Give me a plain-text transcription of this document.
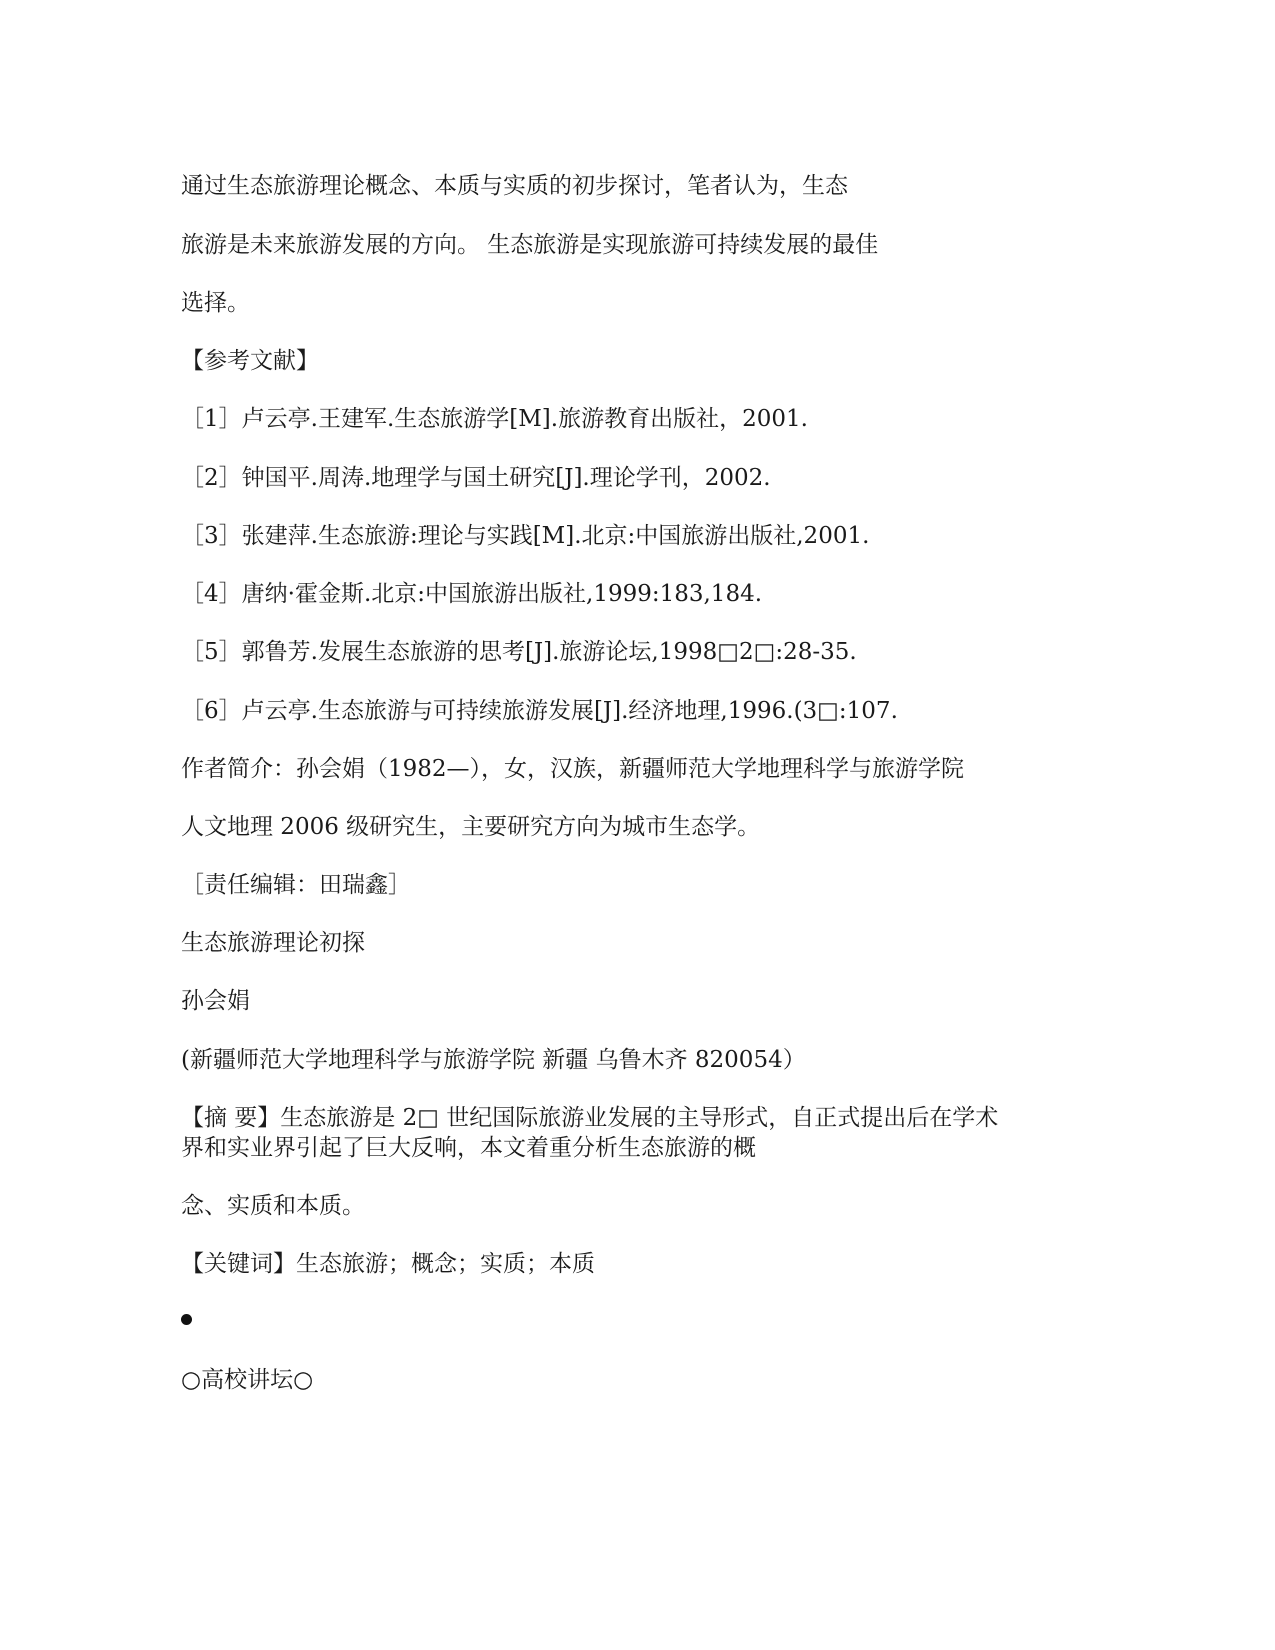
通过生态旅游理论概念、本质与实质的初步探讨，笔者认为，生态
旅游是未来旅游发展的方向。 生态旅游是实现旅游可持续发展的最佳
选择。
【参考文献】
［1］卢云亭.王建军.生态旅游学[M].旅游教育出版社，2001.
［2］钟国平.周涛.地理学与国土研究[J].理论学刊，2002.
［3］张建萍.生态旅游:理论与实践[M].北京:中国旅游出版社,2001.
［4］唐纳·霍金斯.北京:中国旅游出版社,1999:183,184.
［5］郭鲁芳.发展生态旅游的思考[J].旅游论坛,1998□2□:28-35.
［6］卢云亭.生态旅游与可持续旅游发展[J].经济地理,1996.(3□:107.
作者简介：孙会娟（1982—），女，汉族，新疆师范大学地理科学与旅游学院
人文地理 2006 级研究生，主要研究方向为城市生态学。
［责任编辑：田瑞鑫］
生态旅游理论初探
孙会娟
(新疆师范大学地理科学与旅游学院 新疆 乌鲁木齐 820054）
【摘 要】生态旅游是 2□ 世纪国际旅游业发展的主导形式，自正式提出后在学术
界和实业界引起了巨大反响，本文着重分析生态旅游的概
念、实质和本质。
【关键词】生态旅游；概念；实质；本质
○高校讲坛○
